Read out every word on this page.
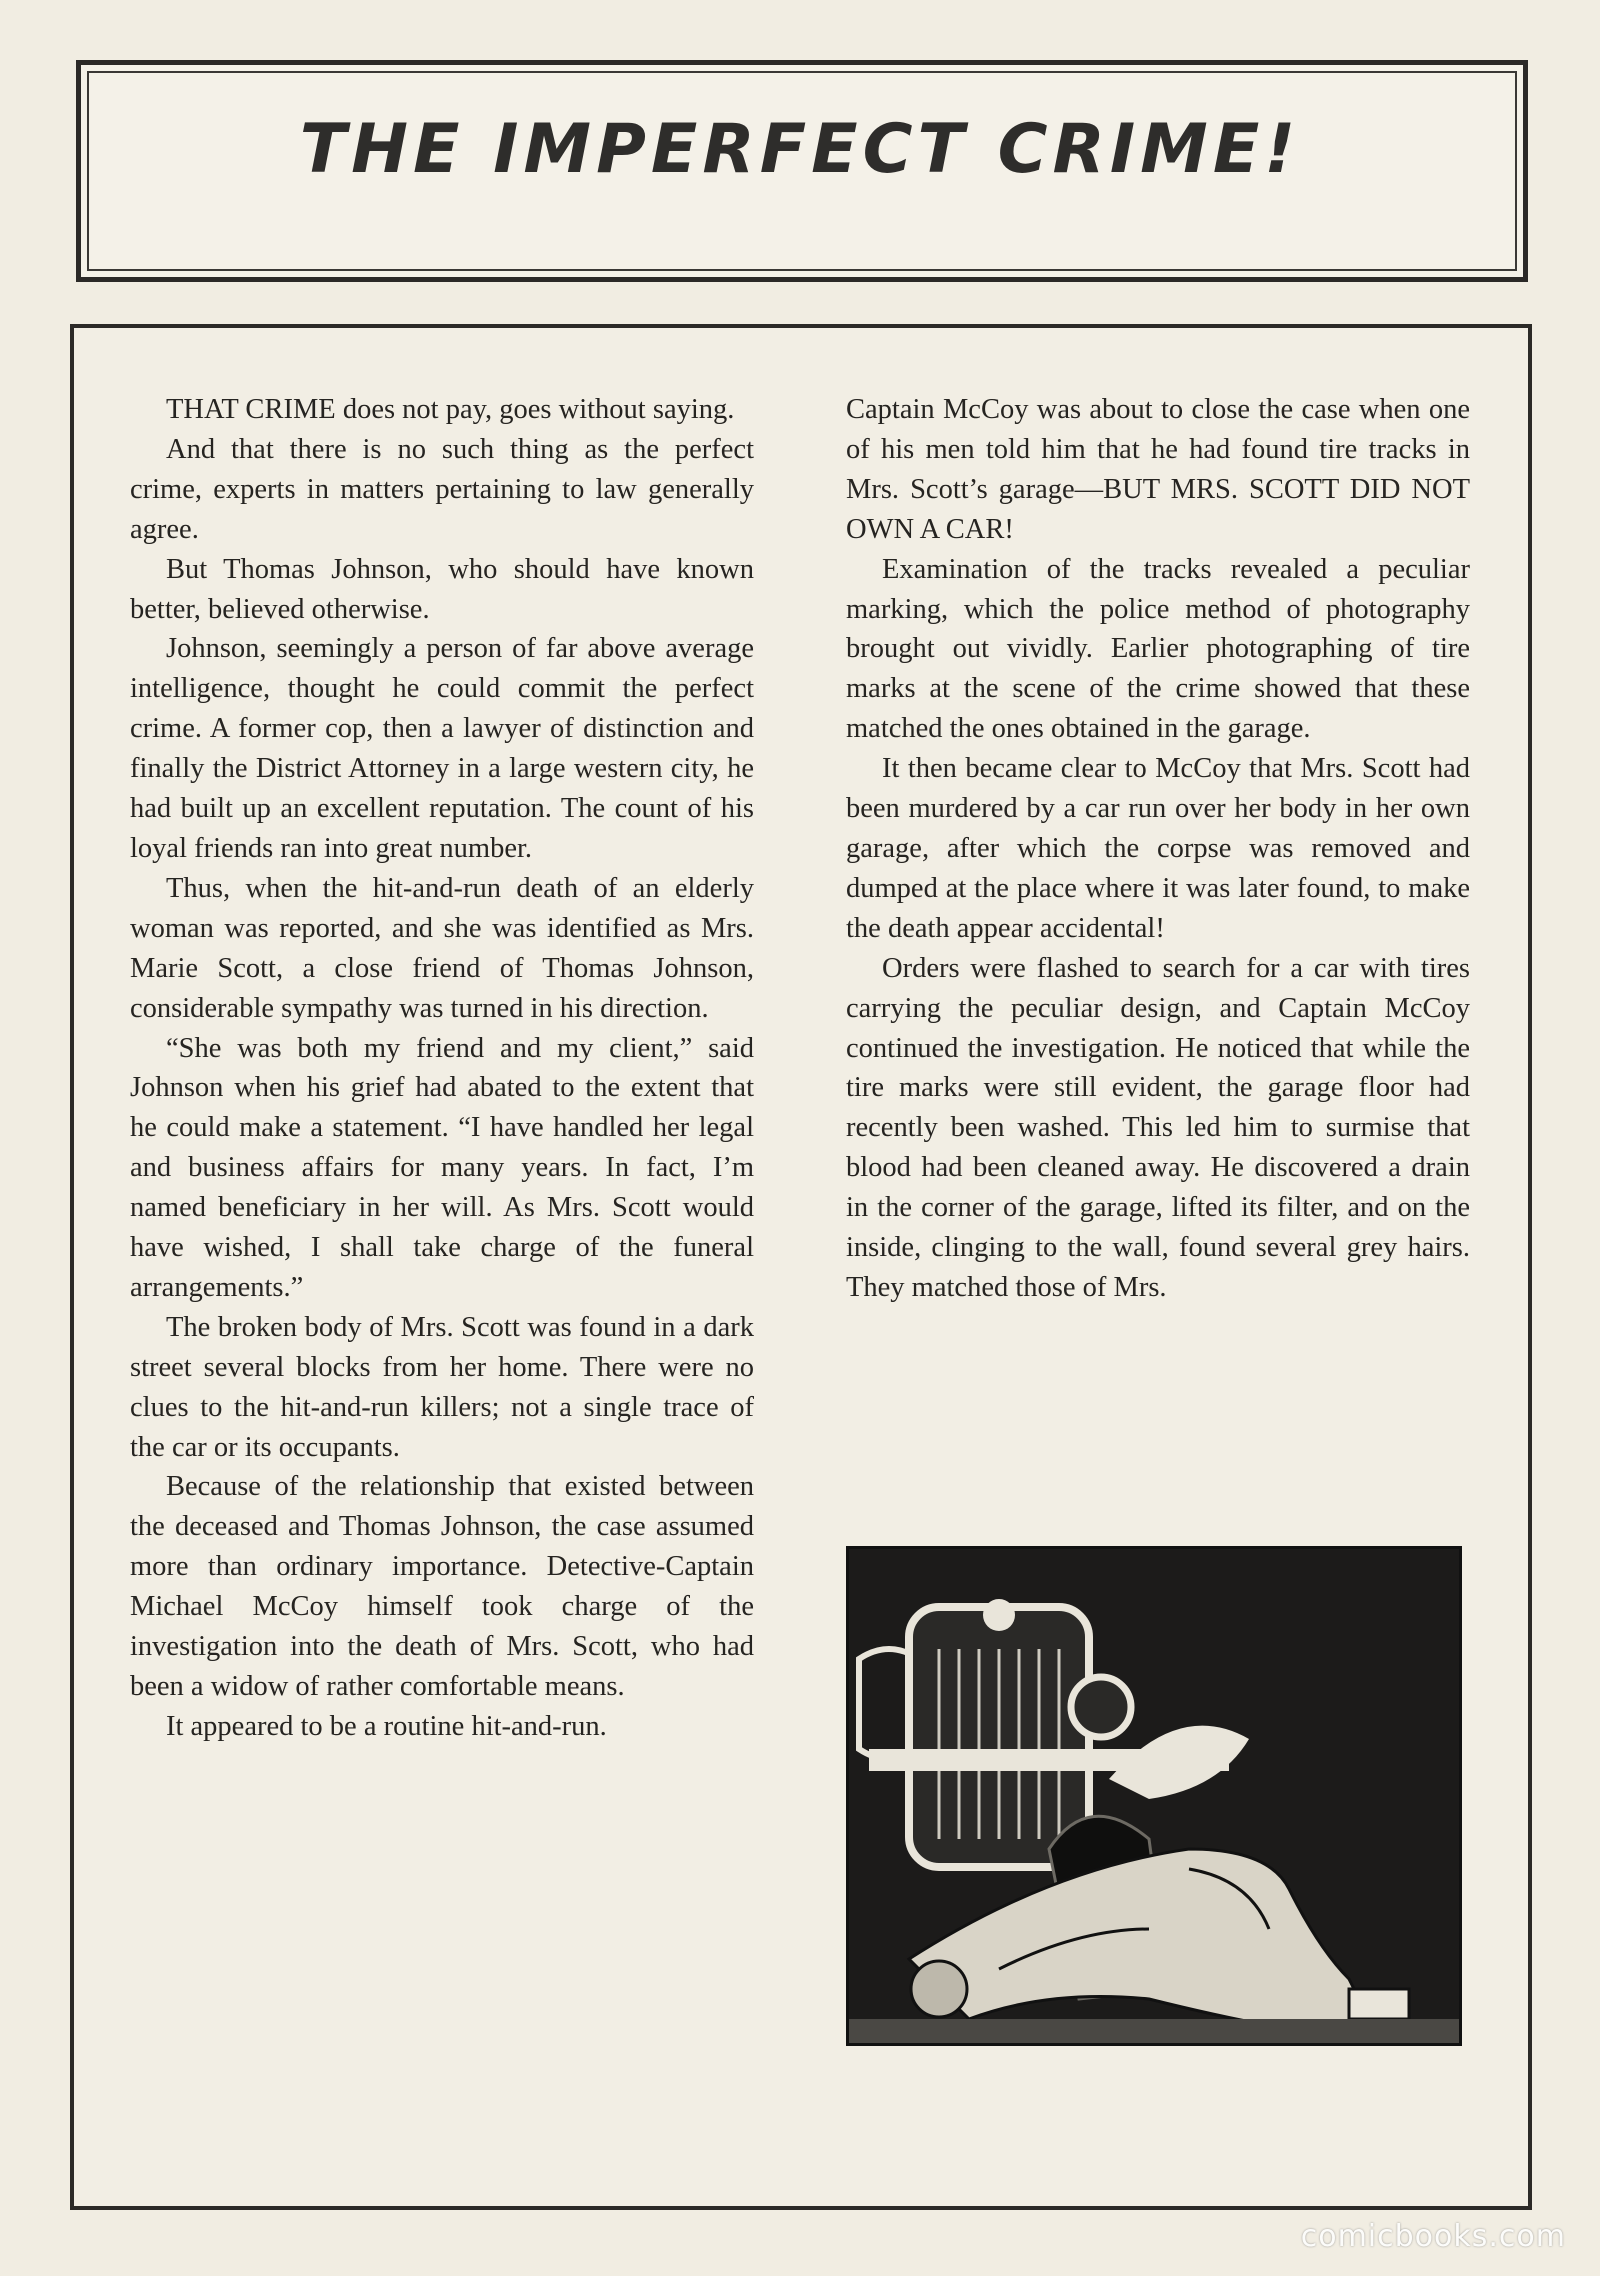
THE IMPERFECT CRIME!

THAT CRIME does not pay, goes without saying.

And that there is no such thing as the perfect crime, experts in matters pertaining to law generally agree.

But Thomas Johnson, who should have known better, believed otherwise.

Johnson, seemingly a person of far above average intelligence, thought he could commit the perfect crime. A former cop, then a lawyer of distinction and finally the District Attorney in a large western city, he had built up an excellent reputation. The count of his loyal friends ran into great number.

Thus, when the hit-and-run death of an elderly woman was reported, and she was identified as Mrs. Marie Scott, a close friend of Thomas Johnson, considerable sympathy was turned in his direction.

“She was both my friend and my client,” said Johnson when his grief had abated to the extent that he could make a statement. “I have handled her legal and business affairs for many years. In fact, I’m named beneficiary in her will. As Mrs. Scott would have wished, I shall take charge of the funeral arrangements.”

The broken body of Mrs. Scott was found in a dark street several blocks from her home. There were no clues to the hit-and-run killers; not a single trace of the car or its occupants.

Because of the relationship that existed between the deceased and Thomas Johnson, the case assumed more than ordinary importance. Detective-Captain Michael McCoy himself took charge of the investigation into the death of Mrs. Scott, who had been a widow of rather comfortable means.

It appeared to be a routine hit-and-run.

Captain McCoy was about to close the case when one of his men told him that he had found tire tracks in Mrs. Scott’s garage—BUT MRS. SCOTT DID NOT OWN A CAR!

Examination of the tracks revealed a peculiar marking, which the police method of photography brought out vividly. Earlier photographing of tire marks at the scene of the crime showed that these matched the ones obtained in the garage.

It then became clear to McCoy that Mrs. Scott had been murdered by a car run over her body in her own garage, after which the corpse was removed and dumped at the place where it was later found, to make the death appear accidental!

Orders were flashed to search for a car with tires carrying the peculiar design, and Captain McCoy continued the investigation. He noticed that while the tire marks were still evident, the garage floor had recently been washed. This led him to surmise that blood had been cleaned away. He discovered a drain in the corner of the garage, lifted its filter, and on the inside, clinging to the wall, found several grey hairs. They matched those of Mrs.

comicbooks.com
